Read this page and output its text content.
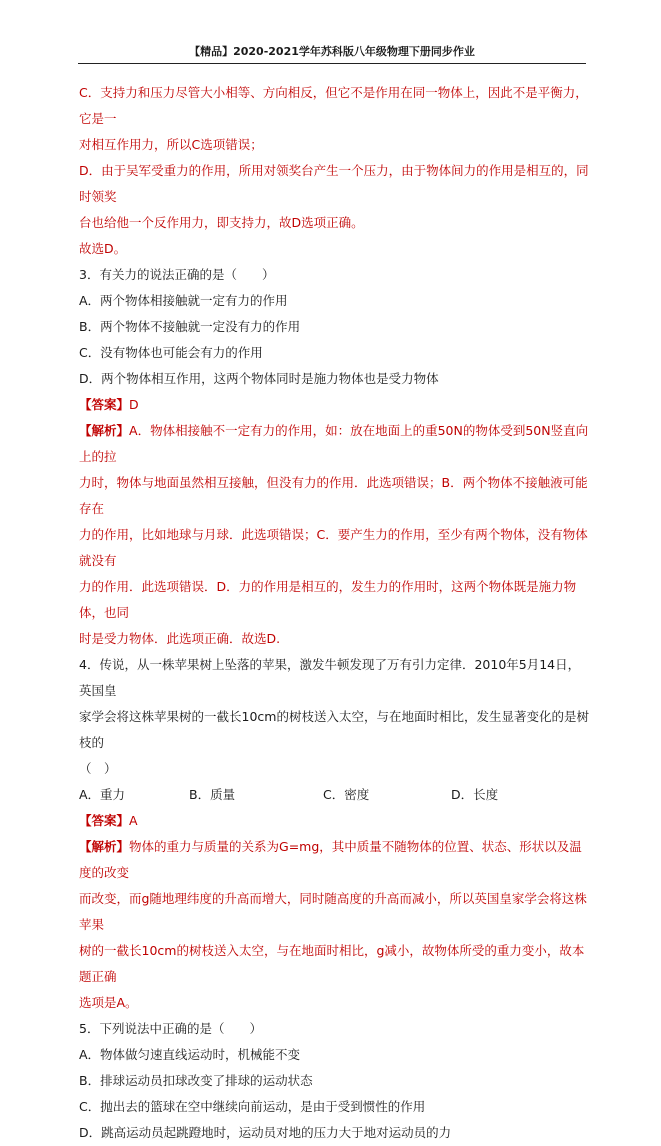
【精品】2020-2021学年苏科版八年级物理下册同步作业

C．支持力和压力尽管大小相等、方向相反，但它不是作用在同一物体上，因此不是平衡力，它是一

对相互作用力，所以C选项错误；

D．由于吴军受重力的作用，所用对领奖台产生一个压力，由于物体间力的作用是相互的，同时领奖

台也给他一个反作用力，即支持力，故D选项正确。

故选D。

3．有关力的说法正确的是（　　）

A．两个物体相接触就一定有力的作用

B．两个物体不接触就一定没有力的作用

C．没有物体也可能会有力的作用

D．两个物体相互作用，这两个物体同时是施力物体也是受力物体

【答案】D

【解析】A．物体相接触不一定有力的作用，如：放在地面上的重50N的物体受到50N竖直向上的拉

力时，物体与地面虽然相互接触，但没有力的作用．此选项错误；B．两个物体不接触液可能存在

力的作用，比如地球与月球．此选项错误；C．要产生力的作用，至少有两个物体，没有物体就没有

力的作用．此选项错误．D．力的作用是相互的，发生力的作用时，这两个物体既是施力物体，也同

时是受力物体．此选项正确．故选D.

4．传说，从一株苹果树上坠落的苹果，激发牛顿发现了万有引力定律．2010年5月14日，英国皇

家学会将这株苹果树的一截长10cm的树枝送入太空，与在地面时相比，发生显著变化的是树枝的

（　）

A．重力	B．质量	C．密度	D．长度

【答案】A

【解析】物体的重力与质量的关系为G=mg，其中质量不随物体的位置、状态、形状以及温度的改变

而改变，而g随地理纬度的升高而增大，同时随高度的升高而减小，所以英国皇家学会将这株苹果

树的一截长10cm的树枝送入太空，与在地面时相比，g减小，故物体所受的重力变小，故本题正确

选项是A。

5．下列说法中正确的是（　　）

A．物体做匀速直线运动时，机械能不变

B．排球运动员扣球改变了排球的运动状态

C．抛出去的篮球在空中继续向前运动，是由于受到惯性的作用

D．跳高运动员起跳蹬地时，运动员对地的压力大于地对运动员的力
